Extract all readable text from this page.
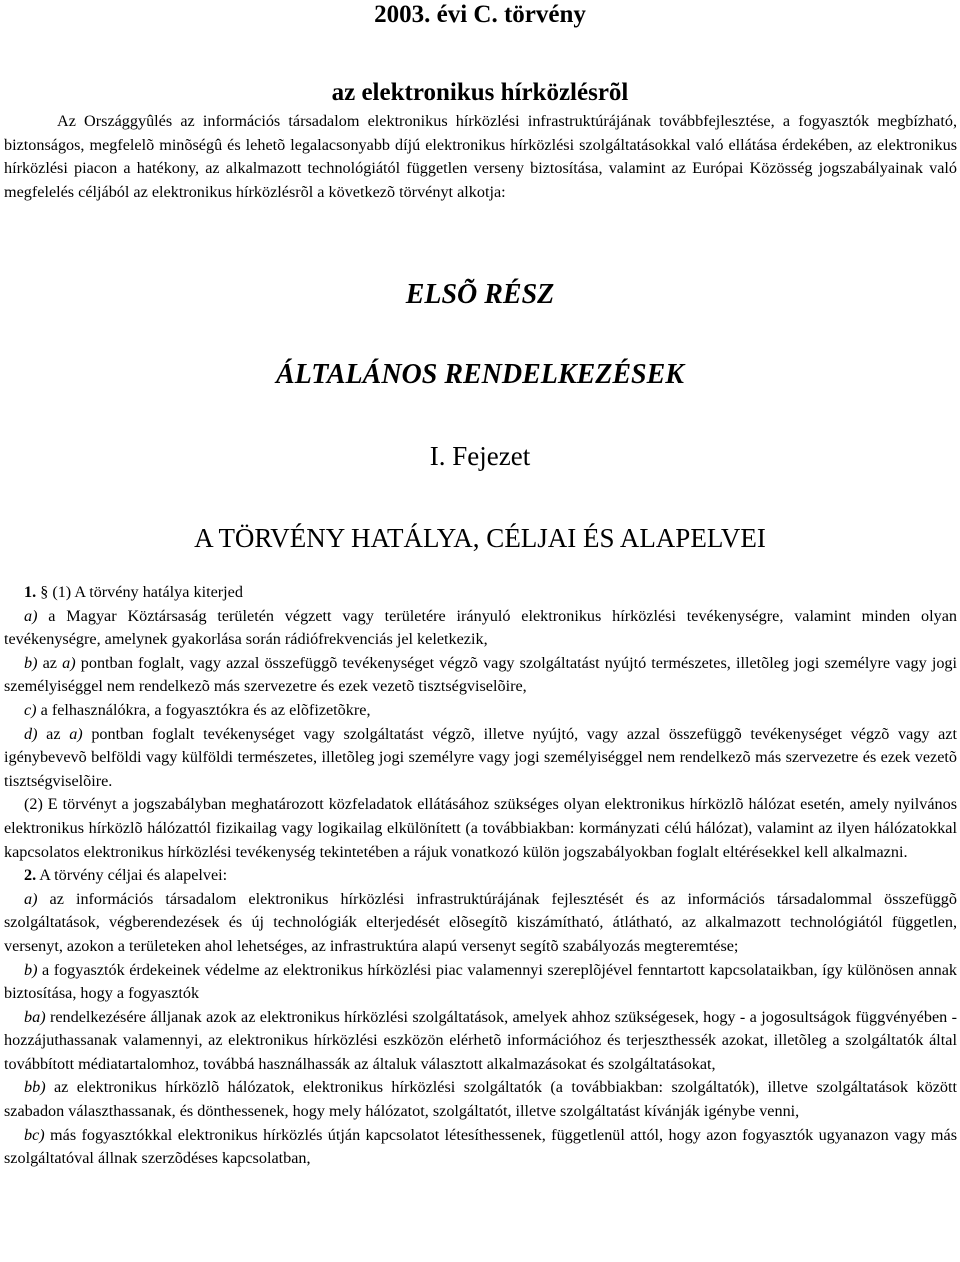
2003. évi C. törvény
az elektronikus hírközlésrõl
Az Országgyûlés az információs társadalom elektronikus hírközlési infrastruktúrájának továbbfejlesztése, a fogyasztók megbízható, biztonságos, megfelelõ minõségû és lehetõ legalacsonyabb díjú elektronikus hírközlési szolgáltatásokkal való ellátása érdekében, az elektronikus hírközlési piacon a hatékony, az alkalmazott technológiától független verseny biztosítása, valamint az Európai Közösség jogszabályainak való megfelelés céljából az elektronikus hírközlésrõl a következõ törvényt alkotja:
ELSÕ RÉSZ
ÁLTALÁNOS RENDELKEZÉSEK
I. Fejezet
A TÖRVÉNY HATÁLYA, CÉLJAI ÉS ALAPELVEI

1. § (1) A törvény hatálya kiterjed

a) a Magyar Köztársaság területén végzett vagy területére irányuló elektronikus hírközlési tevékenységre, valamint minden olyan tevékenységre, amelynek gyakorlása során rádiófrekvenciás jel keletkezik,

b) az a) pontban foglalt, vagy azzal összefüggõ tevékenységet végzõ vagy szolgáltatást nyújtó természetes, illetõleg jogi személyre vagy jogi személyiséggel nem rendelkezõ más szervezetre és ezek vezetõ tisztségviselõire,

c) a felhasználókra, a fogyasztókra és az elõfizetõkre,

d) az a) pontban foglalt tevékenységet vagy szolgáltatást végzõ, illetve nyújtó, vagy azzal összefüggõ tevékenységet végzõ vagy azt igénybevevõ belföldi vagy külföldi természetes, illetõleg jogi személyre vagy jogi személyiséggel nem rendelkezõ más szervezetre és ezek vezetõ tisztségviselõire.

(2) E törvényt a jogszabályban meghatározott közfeladatok ellátásához szükséges olyan elektronikus hírközlõ hálózat esetén, amely nyilvános elektronikus hírközlõ hálózattól fizikailag vagy logikailag elkülönített (a továbbiakban: kormányzati célú hálózat), valamint az ilyen hálózatokkal kapcsolatos elektronikus hírközlési tevékenység tekintetében a rájuk vonatkozó külön jogszabályokban foglalt eltérésekkel kell alkalmazni.

2. A törvény céljai és alapelvei:

a) az információs társadalom elektronikus hírközlési infrastruktúrájának fejlesztését és az információs társadalommal összefüggõ szolgáltatások, végberendezések és új technológiák elterjedését elõsegítõ kiszámítható, átlátható, az alkalmazott technológiától független, versenyt, azokon a területeken ahol lehetséges, az infrastruktúra alapú versenyt segítõ szabályozás megteremtése;

b) a fogyasztók érdekeinek védelme az elektronikus hírközlési piac valamennyi szereplõjével fenntartott kapcsolataikban, így különösen annak biztosítása, hogy a fogyasztók

ba) rendelkezésére álljanak azok az elektronikus hírközlési szolgáltatások, amelyek ahhoz szükségesek, hogy - a jogosultságok függvényében - hozzájuthassanak valamennyi, az elektronikus hírközlési eszközön elérhetõ információhoz és terjeszthessék azokat, illetõleg a szolgáltatók által továbbított médiatartalomhoz, továbbá használhassák az általuk választott alkalmazásokat és szolgáltatásokat,

bb) az elektronikus hírközlõ hálózatok, elektronikus hírközlési szolgáltatók (a továbbiakban: szolgáltatók), illetve szolgáltatások között szabadon választhassanak, és dönthessenek, hogy mely hálózatot, szolgáltatót, illetve szolgáltatást kívánják igénybe venni,

bc) más fogyasztókkal elektronikus hírközlés útján kapcsolatot létesíthessenek, függetlenül attól, hogy azon fogyasztók ugyanazon vagy más szolgáltatóval állnak szerzõdéses kapcsolatban,
